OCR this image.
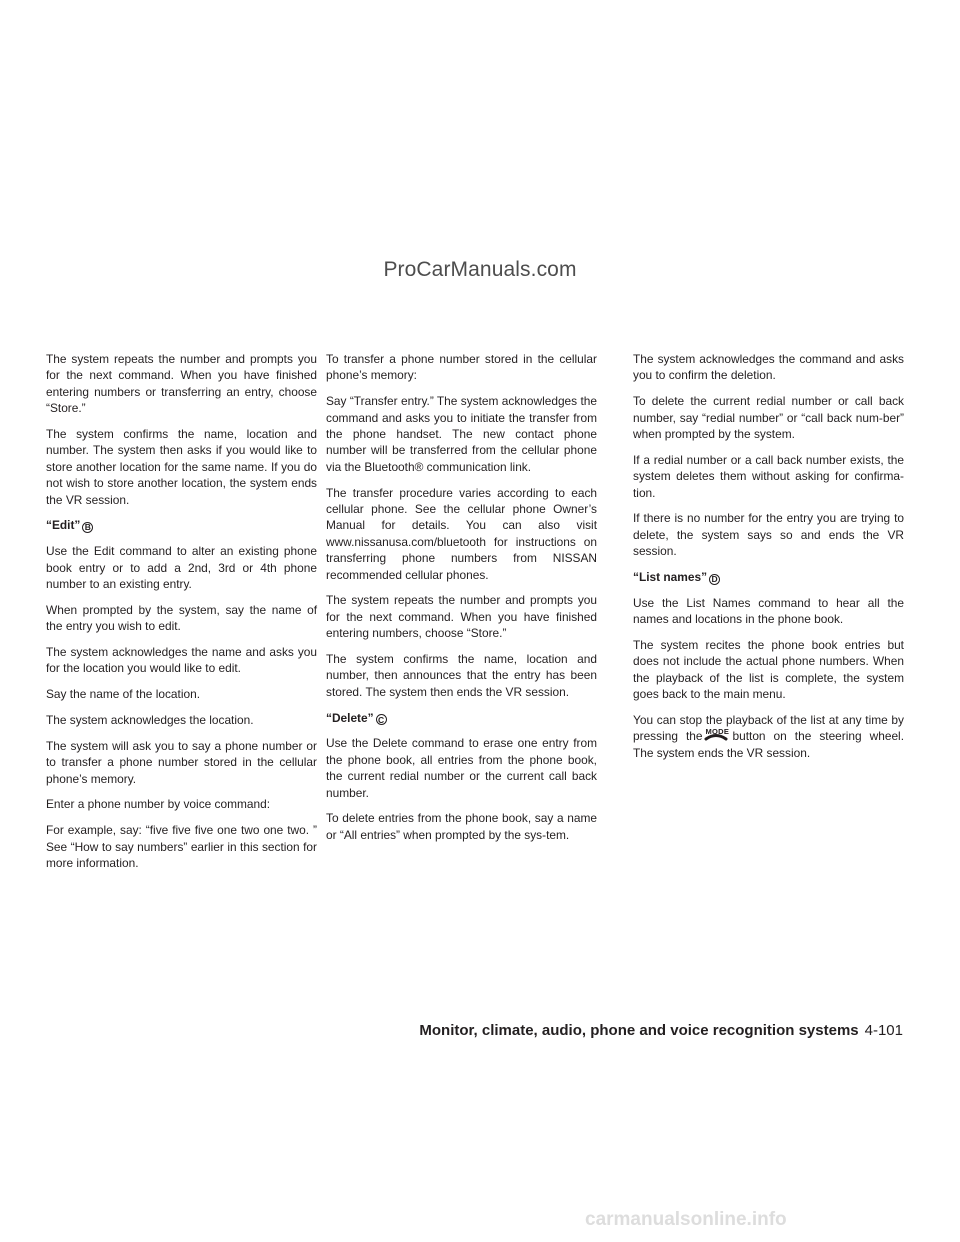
ProCarManuals.com

The system repeats the number and prompts you for the next command. When you have finished entering numbers or transferring an entry, choose “Store.”

The system confirms the name, location and number. The system then asks if you would like to store another location for the same name. If you do not wish to store another location, the system ends the VR session.

“Edit” B

Use the Edit command to alter an existing phone book entry or to add a 2nd, 3rd or 4th phone number to an existing entry.

When prompted by the system, say the name of the entry you wish to edit.

The system acknowledges the name and asks you for the location you would like to edit.

Say the name of the location.

The system acknowledges the location.

The system will ask you to say a phone number or to transfer a phone number stored in the cellular phone’s memory.

Enter a phone number by voice command:

For example, say: “five five five one two one two. ” See “How to say numbers” earlier in this section for more information.

To transfer a phone number stored in the cellular phone’s memory:

Say “Transfer entry.” The system acknowledges the command and asks you to initiate the transfer from the phone handset. The new contact phone number will be transferred from the cellular phone via the Bluetooth® communication link.

The transfer procedure varies according to each cellular phone. See the cellular phone Owner’s Manual for details. You can also visit www.nissanusa.com/bluetooth for instructions on transferring phone numbers from NISSAN recommended cellular phones.

The system repeats the number and prompts you for the next command. When you have finished entering numbers, choose “Store.”

The system confirms the name, location and number, then announces that the entry has been stored. The system then ends the VR session.

“Delete” C

Use the Delete command to erase one entry from the phone book, all entries from the phone book, the current redial number or the current call back number.

To delete entries from the phone book, say a name or “All entries” when prompted by the sys-tem.

The system acknowledges the command and asks you to confirm the deletion.

To delete the current redial number or call back number, say “redial number” or “call back num-ber” when prompted by the system.

If a redial number or a call back number exists, the system deletes them without asking for confirma-tion.

If there is no number for the entry you are trying to delete, the system says so and ends the VR session.

“List names” D

Use the List Names command to hear all the names and locations in the phone book.

The system recites the phone book entries but does not include the actual phone numbers. When the playback of the list is complete, the system goes back to the main menu.

You can stop the playback of the list at any time by pressing the MODE button on the steering wheel. The system ends the VR session.

Monitor, climate, audio, phone and voice recognition systems 4-101
carmanualsonline.info
